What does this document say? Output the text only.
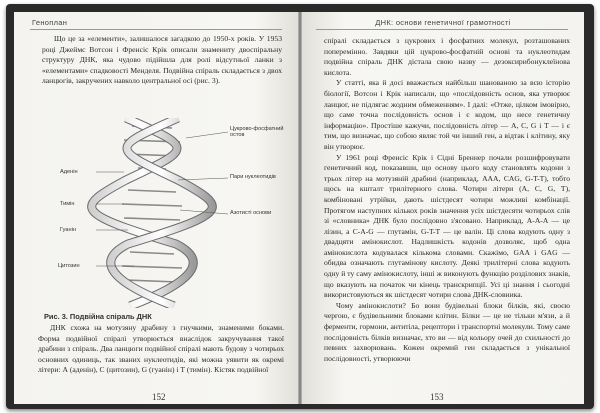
Геноплан

Що це за «елементи», залишалося загадкою до 1950-х років. У 1953 році Джеймс Вотсон і Френсіс Крік описали знамениту двоспіральну структуру ДНК, яка чудово підійшла для ролі відсутньої ланки з «елементами» спадковості Менделя. Подвійна спіраль складається з двох ланцюгів, закручених навколо центральної осі (рис. 3).

Цукрово-фосфатний остов
Пари нуклеотидів
Азотисті основи
Аденін
Тимін
Гуанін
Цитозин
Рис. 3. Подвійна спіраль ДНК

ДНК схожа на мотузяну драбину з гнучкими, знаменими боками. Форма подвійної спіралі утворюється внаслідок закручування такої драбини з спіраль. Два ланцюги подвійної спіралі мають будову з чотирьох основних одиниць, так званих нуклеотидів, які можна уявити як окремі літери: А (аденін), С (цитозин), G (гуанін) і Т (тимін). Кістяк подвійної

152
ДНК: основи генетичної грамотності

спіралі складається з цукрових і фосфатних молекул, розташованих поперемінно. Завдяки цій цукрово-фосфатній основі та нуклеотидам подвійна спіраль ДНК дістала свою назву — дезоксирибонуклеїнова кислота.

У статті, яка й досі вважається найбільш шанованою за всю історію біології, Вотсон і Крік написали, що «послідовність основ, яка утворює ланцюг, не підлягає жодним обмеженням». І далі: «Отже, цілком імовірно, що саме точна послідовність основ і є кодом, що несе генетичну інформацію». Простіше кажучи, послідовність літер — A, C, G і T — і є тим, що визначає, що собою являє той чи інший ген, а відтак і клітину, яку він утворює.

У 1961 році Френсіс Крік і Сідні Бреннер почали розшифровувати генетичний код, показавши, що основу цього коду становлять кодони з трьох літер на мотузяній драбині (наприклад, AAA, CAG, G-T-T), тобто щось на кшталт трилітерного слова. Чотири літери (A, C, G, T), комбіновані утрійки, дають шістдесят чотири можливі комбінації. Протягом наступних кількох років значення усіх шістдесяти чотирьох слів зі «словника» ДНК було послідовно з'ясовано. Наприклад, A-A-A — це лізин, а C-A-G — глутамін, G-T-T — це валін. Ці слова кодують одну з двадцяти амінокислот. Надлишкість кодонів дозволяє, щоб одна амінокислота кодувалася кількома словами. Скажімо, GAA і GAG — обидва означають глутамінову кислоту. Деякі трилітерні слова кодують одну й ту саму амінокислоту, інші ж виконують функцію розділових знаків, що вказують на початок чи кінець транскрипції. Усі ці знання і сьогодні використовуються як шістдесят чотири слова ДНК-словника.

Чому амінокислоти? Бо вони будівельні блоки білків, які, своєю чергою, є будівельними блоками клітин. Білки — це не тільки м'язи, а й ферменти, гормони, антитіла, рецептори і транспортні молекули. Тому саме послідовність білків визначає, хто ви — від кольору очей до схильності до певних захворювань. Кожен окремий ген складається з унікальної послідовності, утворюючи

153
